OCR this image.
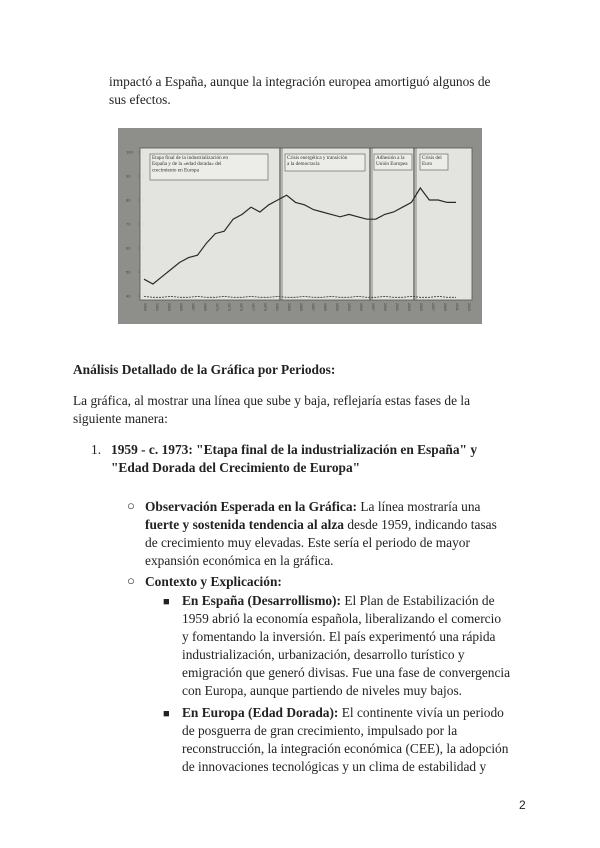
impactó a España, aunque la integración europea amortiguó algunos de
sus efectos.

Etapa final de la industrialización en
España y de la «edad dorada» del
crecimiento en Europa
Crisis energética y transición
a la democracia
Adhesión a la
Unión Europea
Crisis del
Euro
100
90
80
70
60
50
40
1959 1961 1963 1965 1967 1969 1971 1973 1975 1977 1979 1981 1983 1985 1987 1989 1991 1993 1995 1997 1999 2001 2003 2005 2007 2009 2011 2013

Análisis Detallado de la Gráfica por Periodos:

La gráfica, al mostrar una línea que sube y baja, reflejaría estas fases de la
siguiente manera:

1. 1959 - c. 1973: "Etapa final de la industrialización en España" y
"Edad Dorada del Crecimiento de Europa"
○ Observación Esperada en la Gráfica: La línea mostraría una
fuerte y sostenida tendencia al alza desde 1959, indicando tasas
de crecimiento muy elevadas. Este sería el periodo de mayor
expansión económica en la gráfica.

○ Contexto y Explicación:

■ En España (Desarrollismo): El Plan de Estabilización de
1959 abrió la economía española, liberalizando el comercio
y fomentando la inversión. El país experimentó una rápida
industrialización, urbanización, desarrollo turístico y
emigración que generó divisas. Fue una fase de convergencia
con Europa, aunque partiendo de niveles muy bajos.

■ En Europa (Edad Dorada): El continente vivía un periodo
de posguerra de gran crecimiento, impulsado por la
reconstrucción, la integración económica (CEE), la adopción
de innovaciones tecnológicas y un clima de estabilidad y

2
